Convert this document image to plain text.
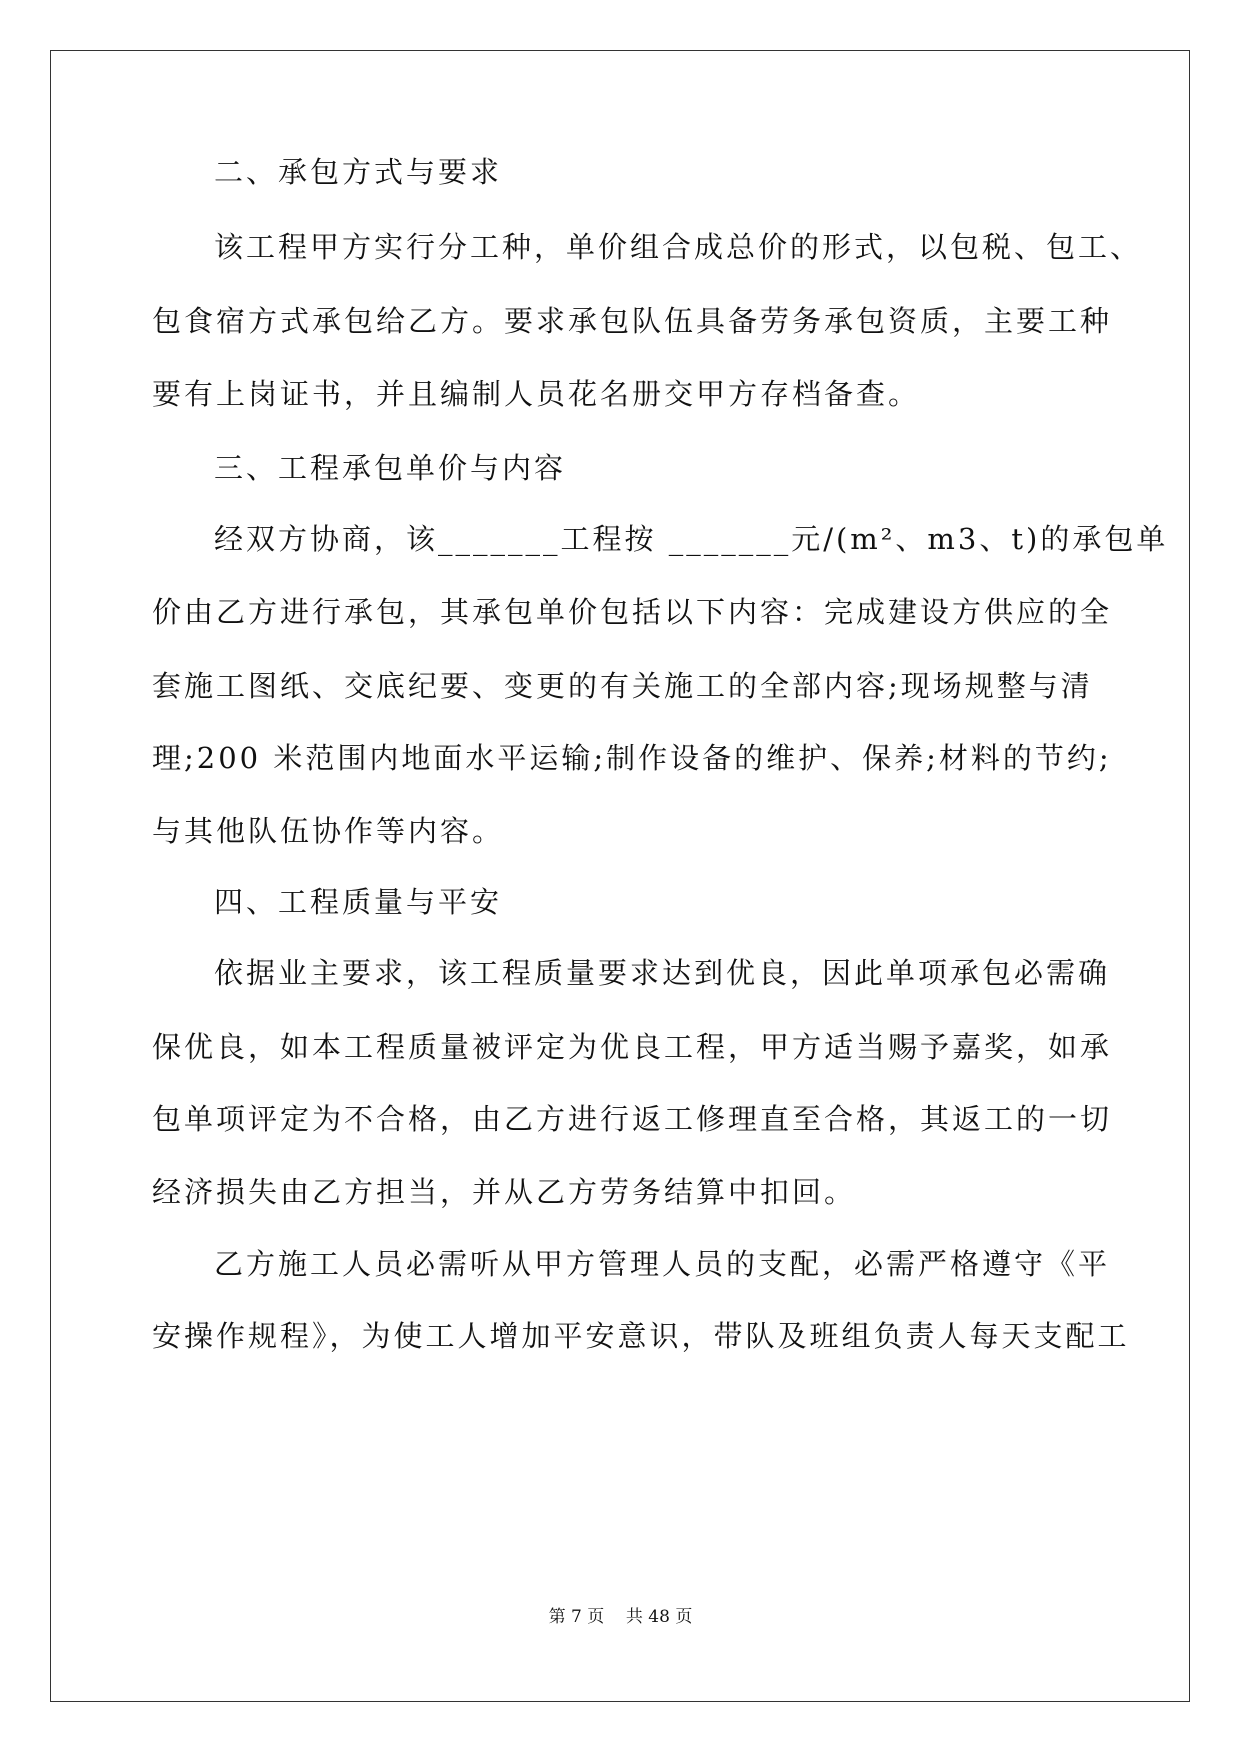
二、承包方式与要求
该工程甲方实行分工种，单价组合成总价的形式，以包税、包工、
包食宿方式承包给乙方。要求承包队伍具备劳务承包资质，主要工种
要有上岗证书，并且编制人员花名册交甲方存档备查。
三、工程承包单价与内容
经双方协商，该_______工程按 _______元/(m²、m3、t)的承包单
价由乙方进行承包，其承包单价包括以下内容：完成建设方供应的全
套施工图纸、交底纪要、变更的有关施工的全部内容;现场规整与清
理;200 米范围内地面水平运输;制作设备的维护、保养;材料的节约;
与其他队伍协作等内容。
四、工程质量与平安
依据业主要求，该工程质量要求达到优良，因此单项承包必需确
保优良，如本工程质量被评定为优良工程，甲方适当赐予嘉奖，如承
包单项评定为不合格，由乙方进行返工修理直至合格，其返工的一切
经济损失由乙方担当，并从乙方劳务结算中扣回。
乙方施工人员必需听从甲方管理人员的支配，必需严格遵守《平
安操作规程》，为使工人增加平安意识，带队及班组负责人每天支配工
第 7 页    共 48 页
